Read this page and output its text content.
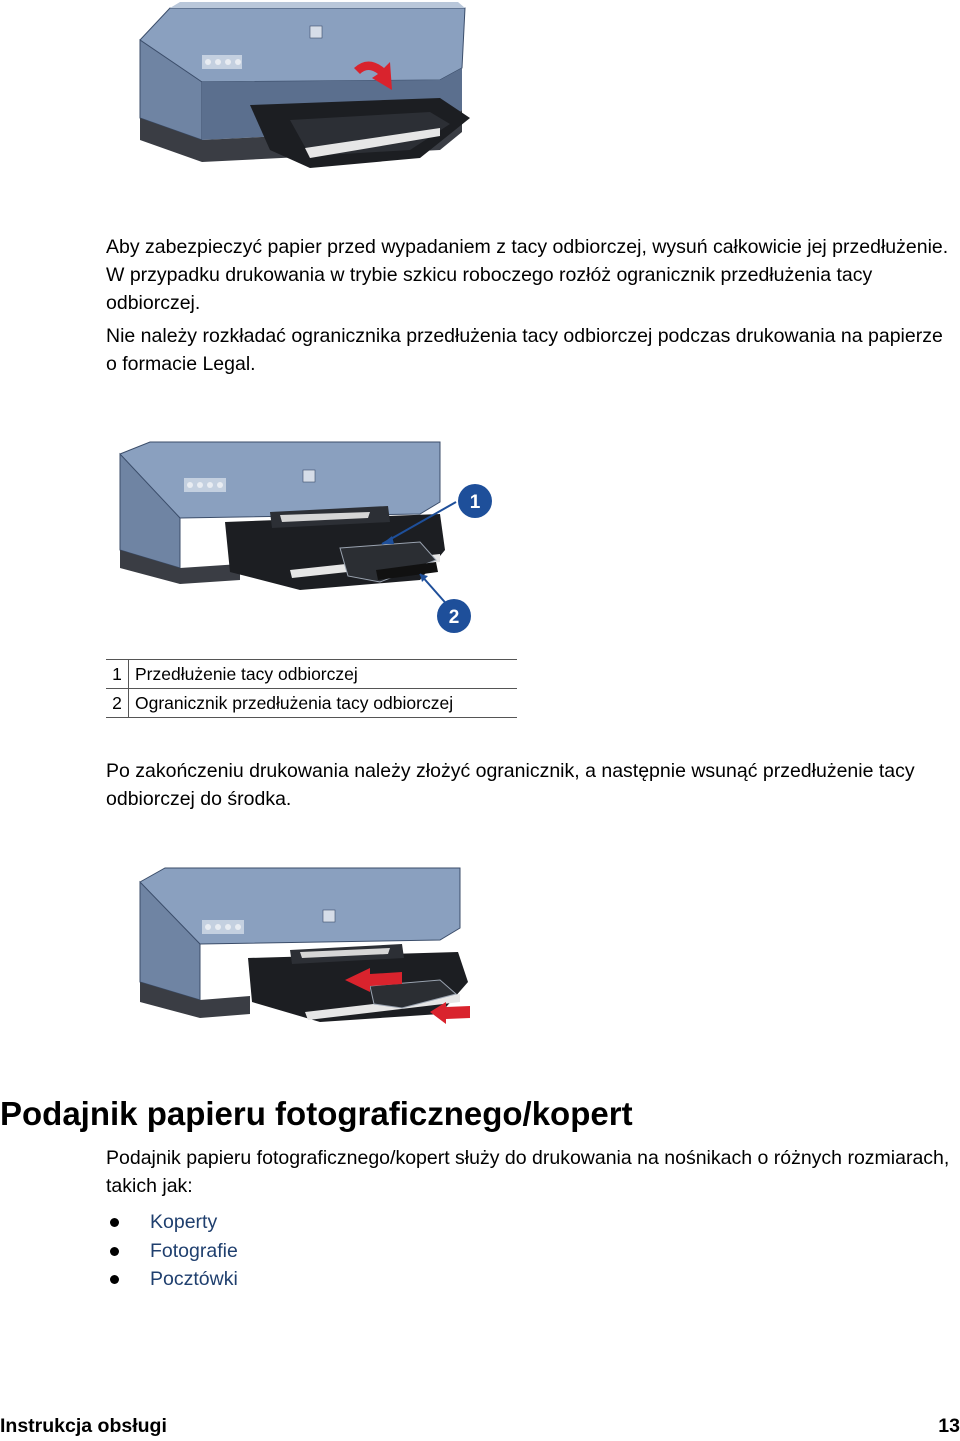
Aby zabezpieczyć papier przed wypadaniem z tacy odbiorczej, wysuń całkowicie jej przedłużenie. W przypadku drukowania w trybie szkicu roboczego rozłóż ogranicznik przedłużenia tacy odbiorczej.

Nie należy rozkładać ogranicznika przedłużenia tacy odbiorczej podczas drukowania na papierze o formacie Legal.

1
2
1	Przedłużenie tacy odbiorczej
2	Ogranicznik przedłużenia tacy odbiorczej

Po zakończeniu drukowania należy złożyć ogranicznik, a następnie wsunąć przedłużenie tacy odbiorczej do środka.

Podajnik papieru fotograficznego/kopert

Podajnik papieru fotograficznego/kopert służy do drukowania na nośnikach o różnych rozmiarach, takich jak:

Koperty
Fotografie
Pocztówki
Instrukcja obsługi	13
